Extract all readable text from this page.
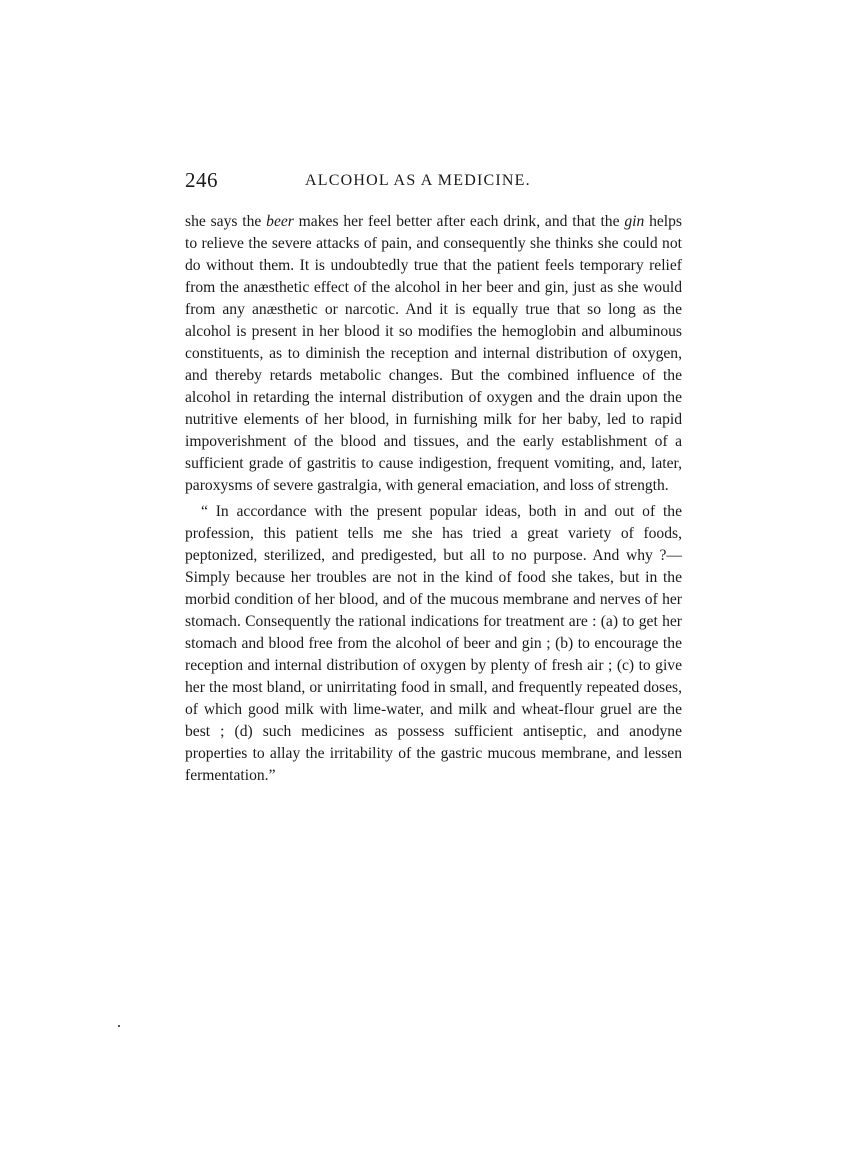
246	ALCOHOL AS A MEDICINE.

she says the beer makes her feel better after each drink, and that the gin helps to relieve the severe attacks of pain, and consequently she thinks she could not do without them. It is undoubtedly true that the patient feels temporary relief from the anæsthetic effect of the alcohol in her beer and gin, just as she would from any anæsthetic or narcotic. And it is equally true that so long as the alcohol is present in her blood it so modifies the hemoglobin and albuminous constituents, as to diminish the reception and internal distribution of oxygen, and thereby retards metabolic changes. But the combined influence of the alcohol in retarding the internal distribution of oxygen and the drain upon the nutritive elements of her blood, in furnishing milk for her baby, led to rapid impoverishment of the blood and tissues, and the early establishment of a sufficient grade of gastritis to cause indigestion, frequent vomiting, and, later, paroxysms of severe gastralgia, with general emaciation, and loss of strength.

“ In accordance with the present popular ideas, both in and out of the profession, this patient tells me she has tried a great variety of foods, peptonized, sterilized, and predigested, but all to no purpose. And why ?—Simply because her troubles are not in the kind of food she takes, but in the morbid condition of her blood, and of the mucous membrane and nerves of her stomach. Consequently the rational indications for treatment are : (a) to get her stomach and blood free from the alcohol of beer and gin ; (b) to encourage the reception and internal distribution of oxygen by plenty of fresh air ; (c) to give her the most bland, or unirritating food in small, and frequently repeated doses, of which good milk with lime-water, and milk and wheat-flour gruel are the best ; (d) such medicines as possess sufficient antiseptic, and anodyne properties to allay the irritability of the gastric mucous membrane, and lessen fermentation.”
